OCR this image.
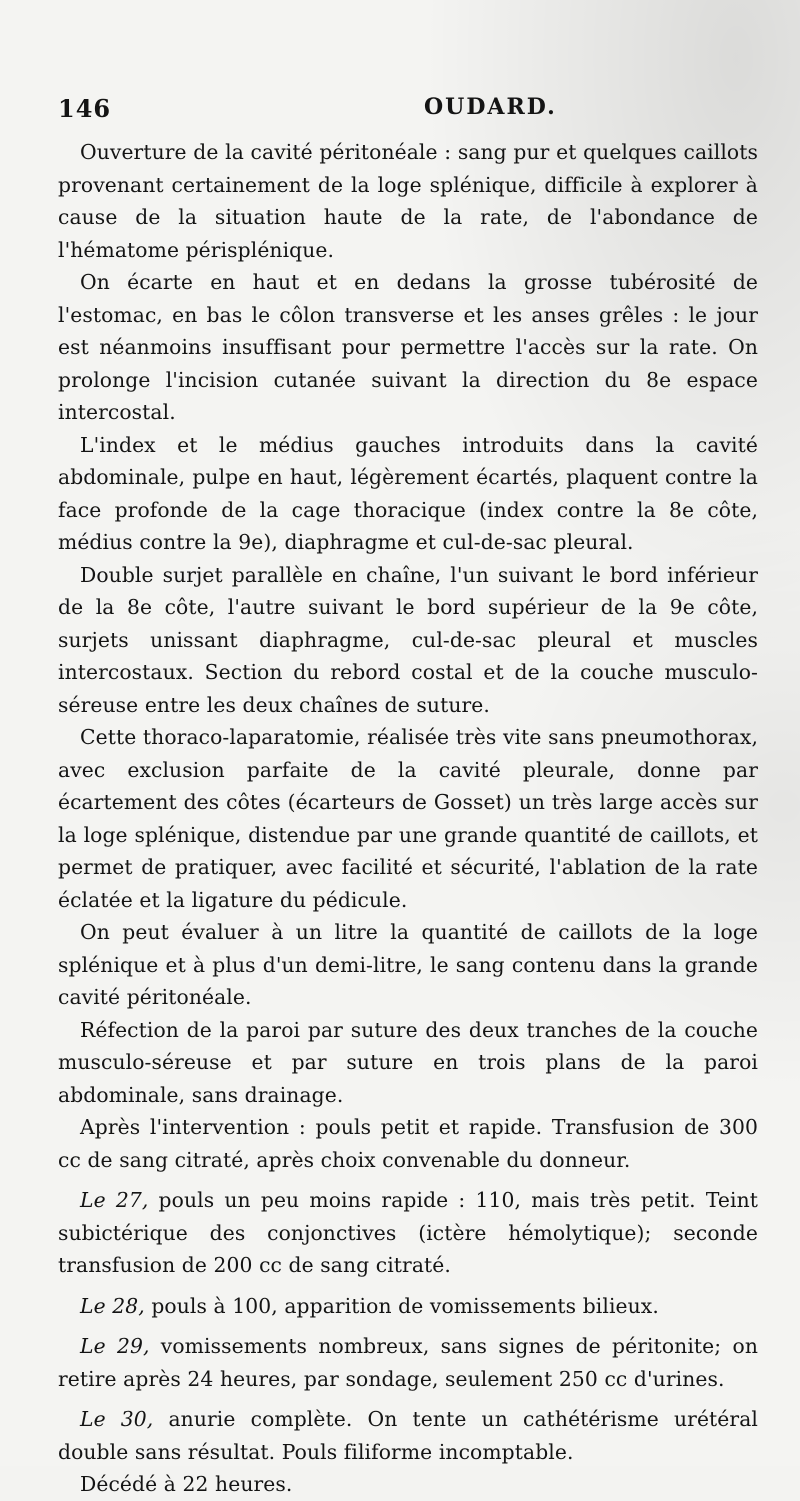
146	OUDARD.

Ouverture de la cavité péritonéale : sang pur et quelques caillots provenant certainement de la loge splénique, difficile à explorer à cause de la situation haute de la rate, de l'abondance de l'hématome périsplénique.

On écarte en haut et en dedans la grosse tubérosité de l'estomac, en bas le côlon transverse et les anses grêles : le jour est néanmoins insuffisant pour permettre l'accès sur la rate. On prolonge l'incision cutanée suivant la direction du 8e espace intercostal.

L'index et le médius gauches introduits dans la cavité abdominale, pulpe en haut, légèrement écartés, plaquent contre la face profonde de la cage thoracique (index contre la 8e côte, médius contre la 9e), diaphragme et cul-de-sac pleural.

Double surjet parallèle en chaîne, l'un suivant le bord inférieur de la 8e côte, l'autre suivant le bord supérieur de la 9e côte, surjets unissant diaphragme, cul-de-sac pleural et muscles intercostaux. Section du rebord costal et de la couche musculo-séreuse entre les deux chaînes de suture.

Cette thoraco-laparatomie, réalisée très vite sans pneumothorax, avec exclusion parfaite de la cavité pleurale, donne par écartement des côtes (écarteurs de Gosset) un très large accès sur la loge splénique, distendue par une grande quantité de caillots, et permet de pratiquer, avec facilité et sécurité, l'ablation de la rate éclatée et la ligature du pédicule.

On peut évaluer à un litre la quantité de caillots de la loge splénique et à plus d'un demi-litre, le sang contenu dans la grande cavité péritonéale.

Réfection de la paroi par suture des deux tranches de la couche musculo-séreuse et par suture en trois plans de la paroi abdominale, sans drainage.

Après l'intervention : pouls petit et rapide. Transfusion de 300 cc de sang citraté, après choix convenable du donneur.

Le 27, pouls un peu moins rapide : 110, mais très petit. Teint subictérique des conjonctives (ictère hémolytique); seconde transfusion de 200 cc de sang citraté.

Le 28, pouls à 100, apparition de vomissements bilieux.

Le 29, vomissements nombreux, sans signes de péritonite; on retire après 24 heures, par sondage, seulement 250 cc d'urines.

Le 30, anurie complète. On tente un cathétérisme urétéral double sans résultat. Pouls filiforme incomptable.

Décédé à 22 heures.
